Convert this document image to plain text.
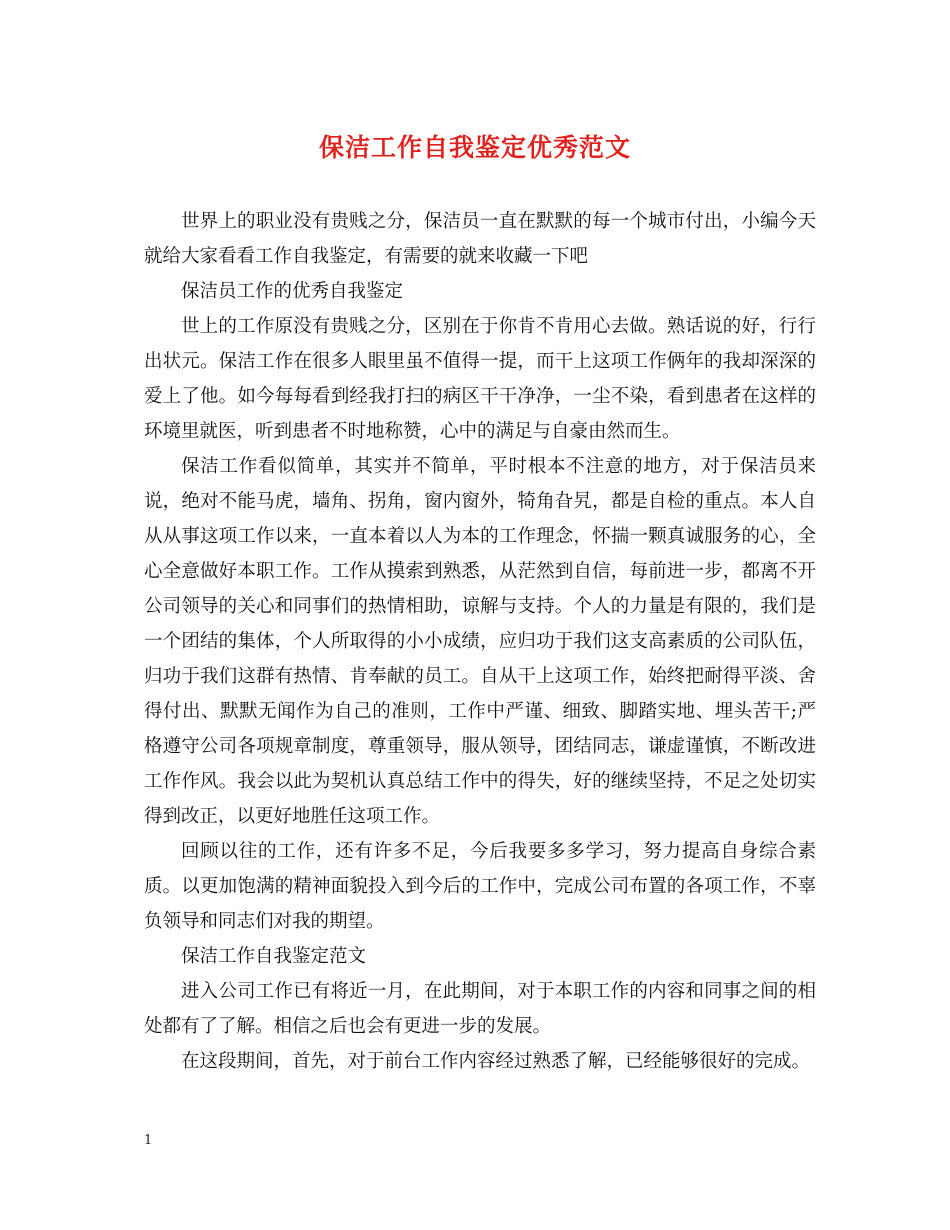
保洁工作自我鉴定优秀范文

世界上的职业没有贵贱之分，保洁员一直在默默的每一个城市付出，小编今天就给大家看看工作自我鉴定，有需要的就来收藏一下吧

保洁员工作的优秀自我鉴定

世上的工作原没有贵贱之分，区别在于你肯不肯用心去做。熟话说的好，行行出状元。保洁工作在很多人眼里虽不值得一提，而干上这项工作俩年的我却深深的爱上了他。如今每每看到经我打扫的病区干干净净，一尘不染，看到患者在这样的环境里就医，听到患者不时地称赞，心中的满足与自豪由然而生。

保洁工作看似简单，其实并不简单，平时根本不注意的地方，对于保洁员来说，绝对不能马虎，墙角、拐角，窗内窗外，犄角旮旯，都是自检的重点。本人自从从事这项工作以来，一直本着以人为本的工作理念，怀揣一颗真诚服务的心，全心全意做好本职工作。工作从摸索到熟悉，从茫然到自信，每前进一步，都离不开公司领导的关心和同事们的热情相助，谅解与支持。个人的力量是有限的，我们是一个团结的集体，个人所取得的小小成绩，应归功于我们这支高素质的公司队伍，归功于我们这群有热情、肯奉献的员工。自从干上这项工作，始终把耐得平淡、舍得付出、默默无闻作为自己的准则，工作中严谨、细致、脚踏实地、埋头苦干;严格遵守公司各项规章制度，尊重领导，服从领导，团结同志，谦虚谨慎，不断改进工作作风。我会以此为契机认真总结工作中的得失，好的继续坚持，不足之处切实得到改正，以更好地胜任这项工作。

回顾以往的工作，还有许多不足，今后我要多多学习，努力提高自身综合素质。以更加饱满的精神面貌投入到今后的工作中，完成公司布置的各项工作，不辜负领导和同志们对我的期望。

保洁工作自我鉴定范文

进入公司工作已有将近一月，在此期间，对于本职工作的内容和同事之间的相处都有了了解。相信之后也会有更进一步的发展。

在这段期间，首先，对于前台工作内容经过熟悉了解，已经能够很好的完成。

1
